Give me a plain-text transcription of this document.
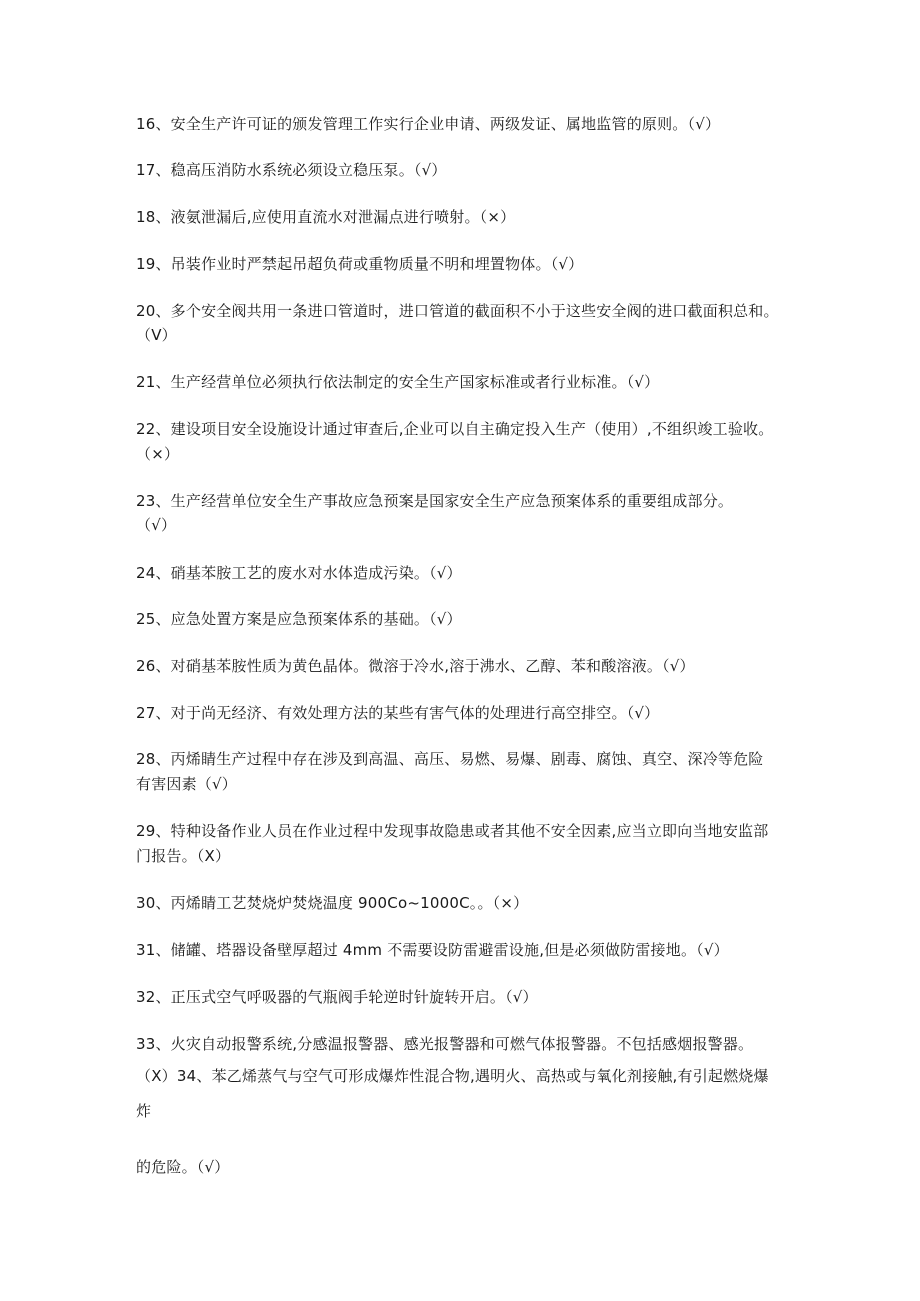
16、安全生产许可证的颁发管理工作实行企业申请、两级发证、属地监管的原则。（√）
17、稳高压消防水系统必须设立稳压泵。（√）
18、液氨泄漏后,应使用直流水对泄漏点进行喷射。（×）
19、吊装作业时严禁起吊超负荷或重物质量不明和埋置物体。（√）
20、多个安全阀共用一条进口管道时，进口管道的截面积不小于这些安全阀的进口截面积总和。
（V）
21、生产经营单位必须执行依法制定的安全生产国家标准或者行业标准。（√）
22、建设项目安全设施设计通过审查后,企业可以自主确定投入生产（使用）,不组织竣工验收。
（×）
23、生产经营单位安全生产事故应急预案是国家安全生产应急预案体系的重要组成部分。
（√）
24、硝基苯胺工艺的废水对水体造成污染。（√）
25、应急处置方案是应急预案体系的基础。（√）
26、对硝基苯胺性质为黄色晶体。微溶于冷水,溶于沸水、乙醇、苯和酸溶液。（√）
27、对于尚无经济、有效处理方法的某些有害气体的处理进行高空排空。（√）
28、丙烯睛生产过程中存在涉及到高温、高压、易燃、易爆、剧毒、腐蚀、真空、深冷等危险
有害因素（√）
29、特种设备作业人员在作业过程中发现事故隐患或者其他不安全因素,应当立即向当地安监部
门报告。（X）
30、丙烯睛工艺焚烧炉焚烧温度 900Co~1000C。。（×）
31、储罐、塔器设备壁厚超过 4mm 不需要设防雷避雷设施,但是必须做防雷接地。（√）
32、正压式空气呼吸器的气瓶阀手轮逆时针旋转开启。（√）
33、火灾自动报警系统,分感温报警器、感光报警器和可燃气体报警器。不包括感烟报警器。
（X）34、苯乙烯蒸气与空气可形成爆炸性混合物,遇明火、高热或与氧化剂接触,有引起燃烧爆
炸
的危险。（√）
